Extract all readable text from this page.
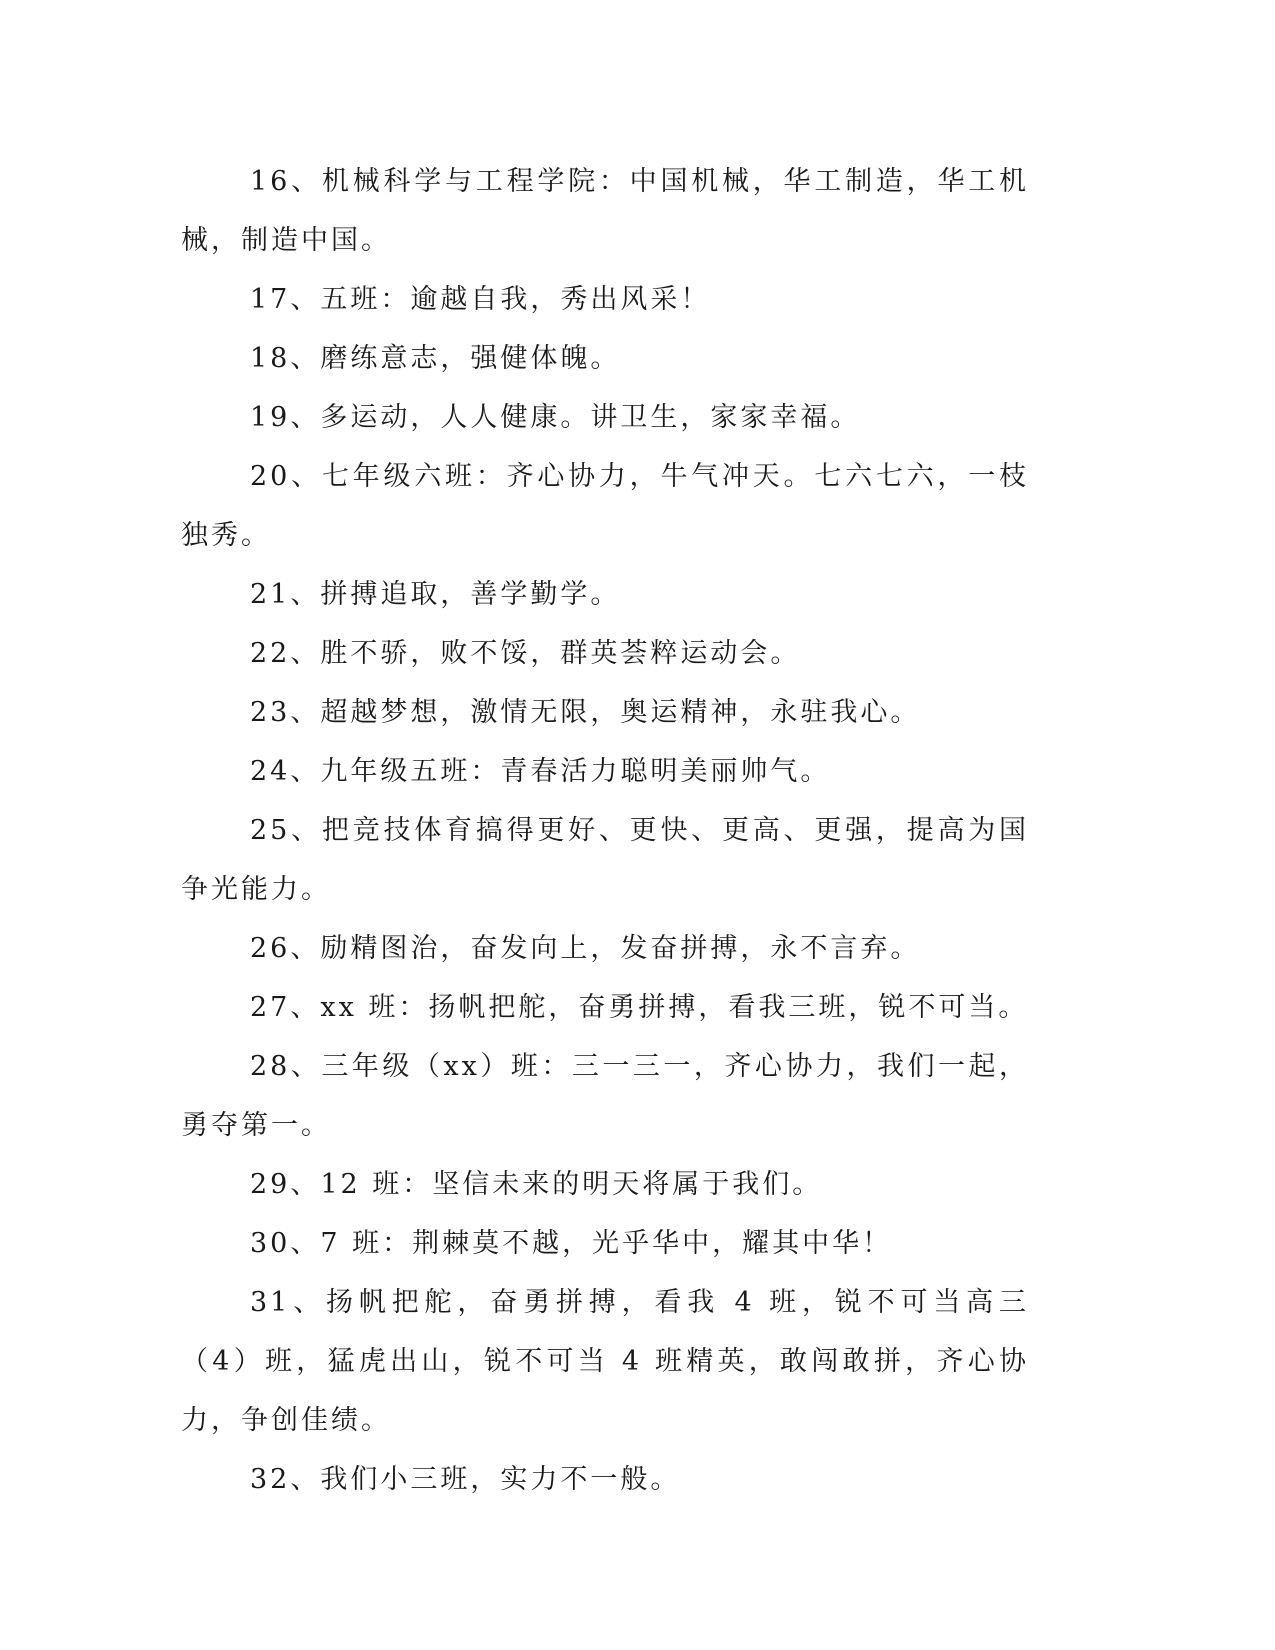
16、机械科学与工程学院：中国机械，华工制造，华工机械，制造中国。

17、五班：逾越自我，秀出风采！

18、磨练意志，强健体魄。

19、多运动，人人健康。讲卫生，家家幸福。

20、七年级六班：齐心协力，牛气冲天。七六七六，一枝独秀。

21、拼搏追取，善学勤学。

22、胜不骄，败不馁，群英荟粹运动会。

23、超越梦想，激情无限，奥运精神，永驻我心。

24、九年级五班：青春活力聪明美丽帅气。

25、把竞技体育搞得更好、更快、更高、更强，提高为国争光能力。

26、励精图治，奋发向上，发奋拼搏，永不言弃。

27、xx 班：扬帆把舵，奋勇拼搏，看我三班，锐不可当。

28、三年级（xx）班：三一三一，齐心协力，我们一起，勇夺第一。

29、12 班：坚信未来的明天将属于我们。

30、7 班：荆棘莫不越，光乎华中，耀其中华！

31、扬帆把舵，奋勇拼搏，看我 4 班，锐不可当高三（4）班，猛虎出山，锐不可当 4 班精英，敢闯敢拼，齐心协力，争创佳绩。

32、我们小三班，实力不一般。
